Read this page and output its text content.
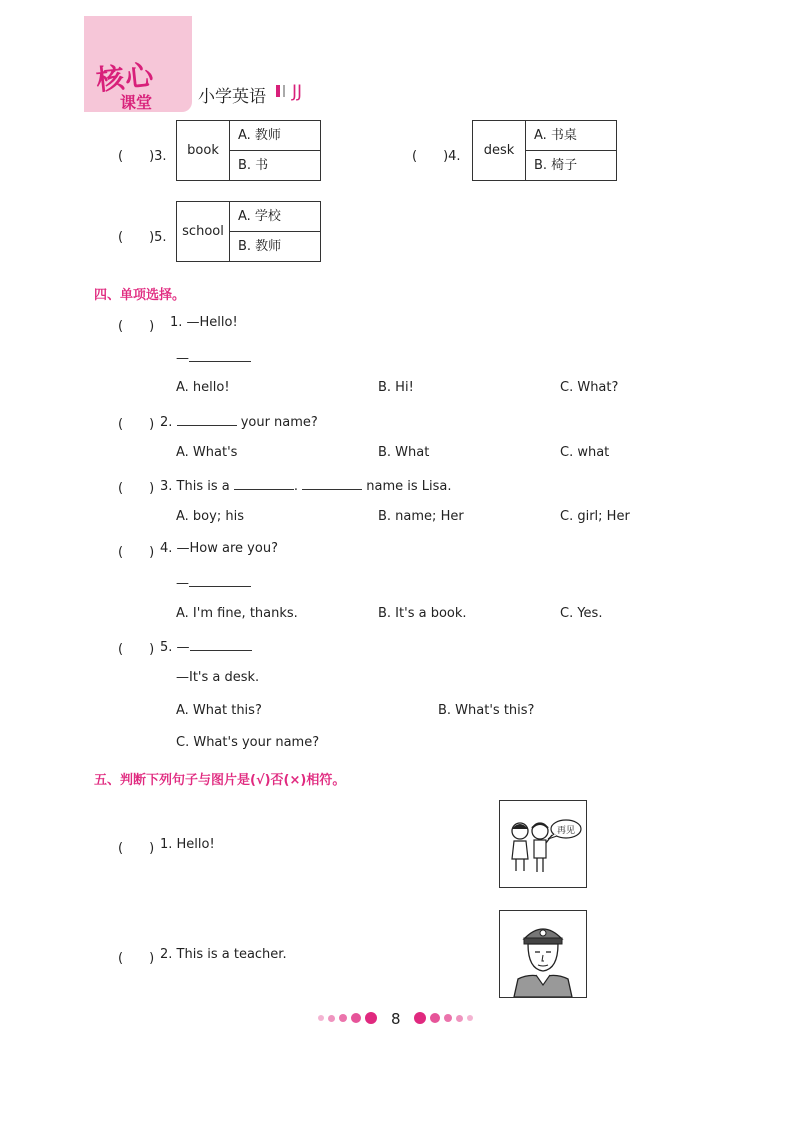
核心
课堂	小学英语 JJ
(　　)3.	book
A. 教师
B. 书
(　　)4.	desk
A. 书桌
B. 椅子
(　　)5.	school
A. 学校
B. 教师
四、单项选择。
(　　) 1. —Hello!
—
A. hello!	B. Hi!	C. What?
(　　) 2.	your name?
A. What's	B. What	C. what
(　　) 3. This is a	.	name is Lisa.
A. boy; his	B. name; Her	C. girl; Her
(　　) 4. —How are you?
—
A. I'm fine, thanks.	B. It's a book.	C. Yes.
(　　) 5. —
—It's a desk.
A. What this?	B. What's this?
C. What's your name?
五、判断下列句子与图片是(√)否(×)相符。
(　　) 1. Hello!
再见
(　　) 2. This is a teacher.
8
